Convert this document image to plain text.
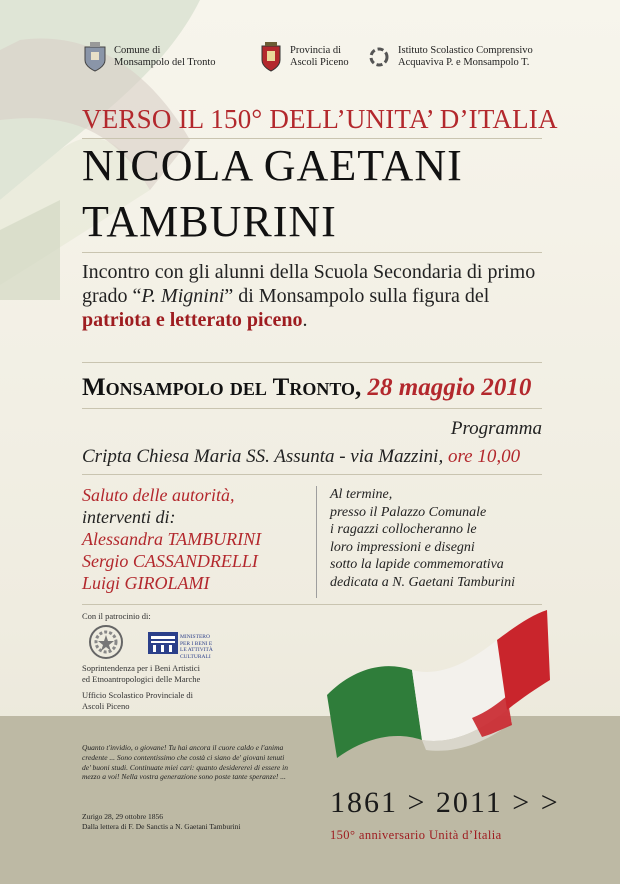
Comune di
Monsampolo del Tronto
Provincia di
Ascoli Piceno
Istituto Scolastico Comprensivo
Acquaviva P. e Monsampolo T.
VERSO IL 150° DELL’UNITA’ D’ITALIA
NICOLA GAETANI
TAMBURINI
Incontro con gli alunni della Scuola Secondaria di primo grado “P. Mignini” di Monsampolo sulla figura del patriota e letterato piceno.
Monsampolo del Tronto, 28 maggio 2010
Programma
Cripta Chiesa Maria SS. Assunta - via Mazzini, ore 10,00
Saluto delle autorità,
interventi di:
Alessandra TAMBURINI
Sergio CASSANDRELLI
Luigi GIROLAMI
Al termine,
presso il Palazzo Comunale
i ragazzi collocheranno le
loro impressioni e disegni
sotto la lapide commemorativa
dedicata a N. Gaetani Tamburini
Con il patrocinio di:
MINISTERO PER I BENI E LE ATTIVITÀ CULTURALI
Soprintendenza per i Beni Artistici
ed Etnoantropologici delle Marche
Ufficio Scolastico Provinciale di
Ascoli Piceno
Quanto t'invidio, o giovane! Tu hai ancora il cuore caldo e l'anima credente ... Sono contentissimo che costà ci siano de' giovani tenuti de' buoni studi. Continuate miei cari: quanto desidererei di essere in mezzo a voi! Nella vostra generazione sono poste tante speranze! ...
Zurigo 28, 29 ottobre 1856
Dalla lettera di F. De Sanctis a N. Gaetani Tamburini
1861 > 2011 > >
150° anniversario Unità d’Italia
